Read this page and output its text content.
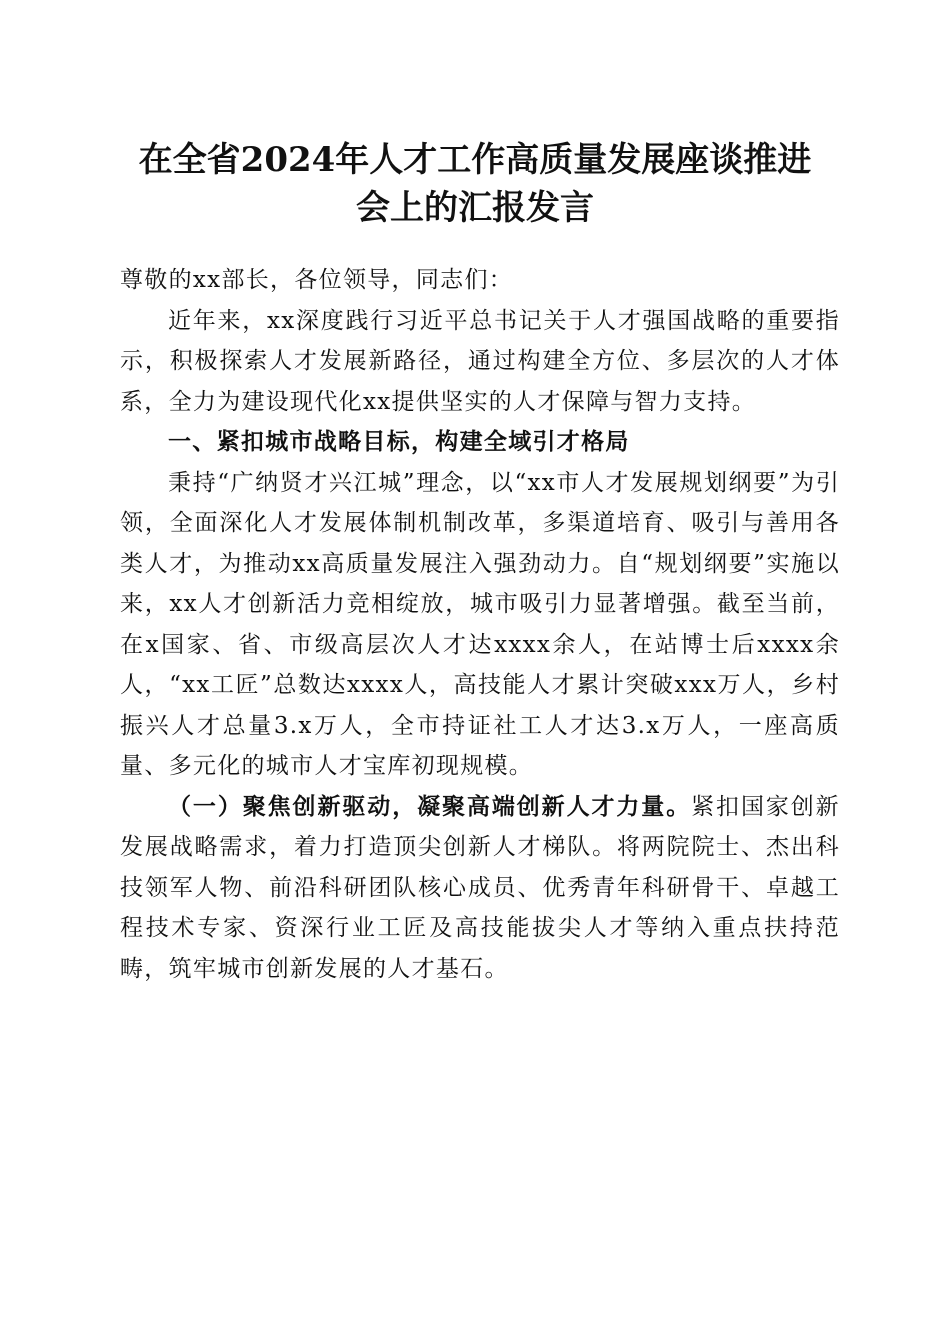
在全省2024年人才工作高质量发展座谈推进
会上的汇报发言

尊敬的xx部长，各位领导，同志们：

近年来，xx深度践行习近平总书记关于人才强国战略的重要指示，积极探索人才发展新路径，通过构建全方位、多层次的人才体系，全力为建设现代化xx提供坚实的人才保障与智力支持。

一、紧扣城市战略目标，构建全域引才格局

秉持“广纳贤才兴江城”理念，以“xx市人才发展规划纲要”为引领，全面深化人才发展体制机制改革，多渠道培育、吸引与善用各类人才，为推动xx高质量发展注入强劲动力。自“规划纲要”实施以来，xx人才创新活力竞相绽放，城市吸引力显著增强。截至当前，在x国家、省、市级高层次人才达xxxx余人，在站博士后xxxx余人，“xx工匠”总数达xxxx人，高技能人才累计突破xxx万人，乡村振兴人才总量3.x万人，全市持证社工人才达3.x万人，一座高质量、多元化的城市人才宝库初现规模。

（一）聚焦创新驱动，凝聚高端创新人才力量。紧扣国家创新发展战略需求，着力打造顶尖创新人才梯队。将两院院士、杰出科技领军人物、前沿科研团队核心成员、优秀青年科研骨干、卓越工程技术专家、资深行业工匠及高技能拔尖人才等纳入重点扶持范畴，筑牢城市创新发展的人才基石。
